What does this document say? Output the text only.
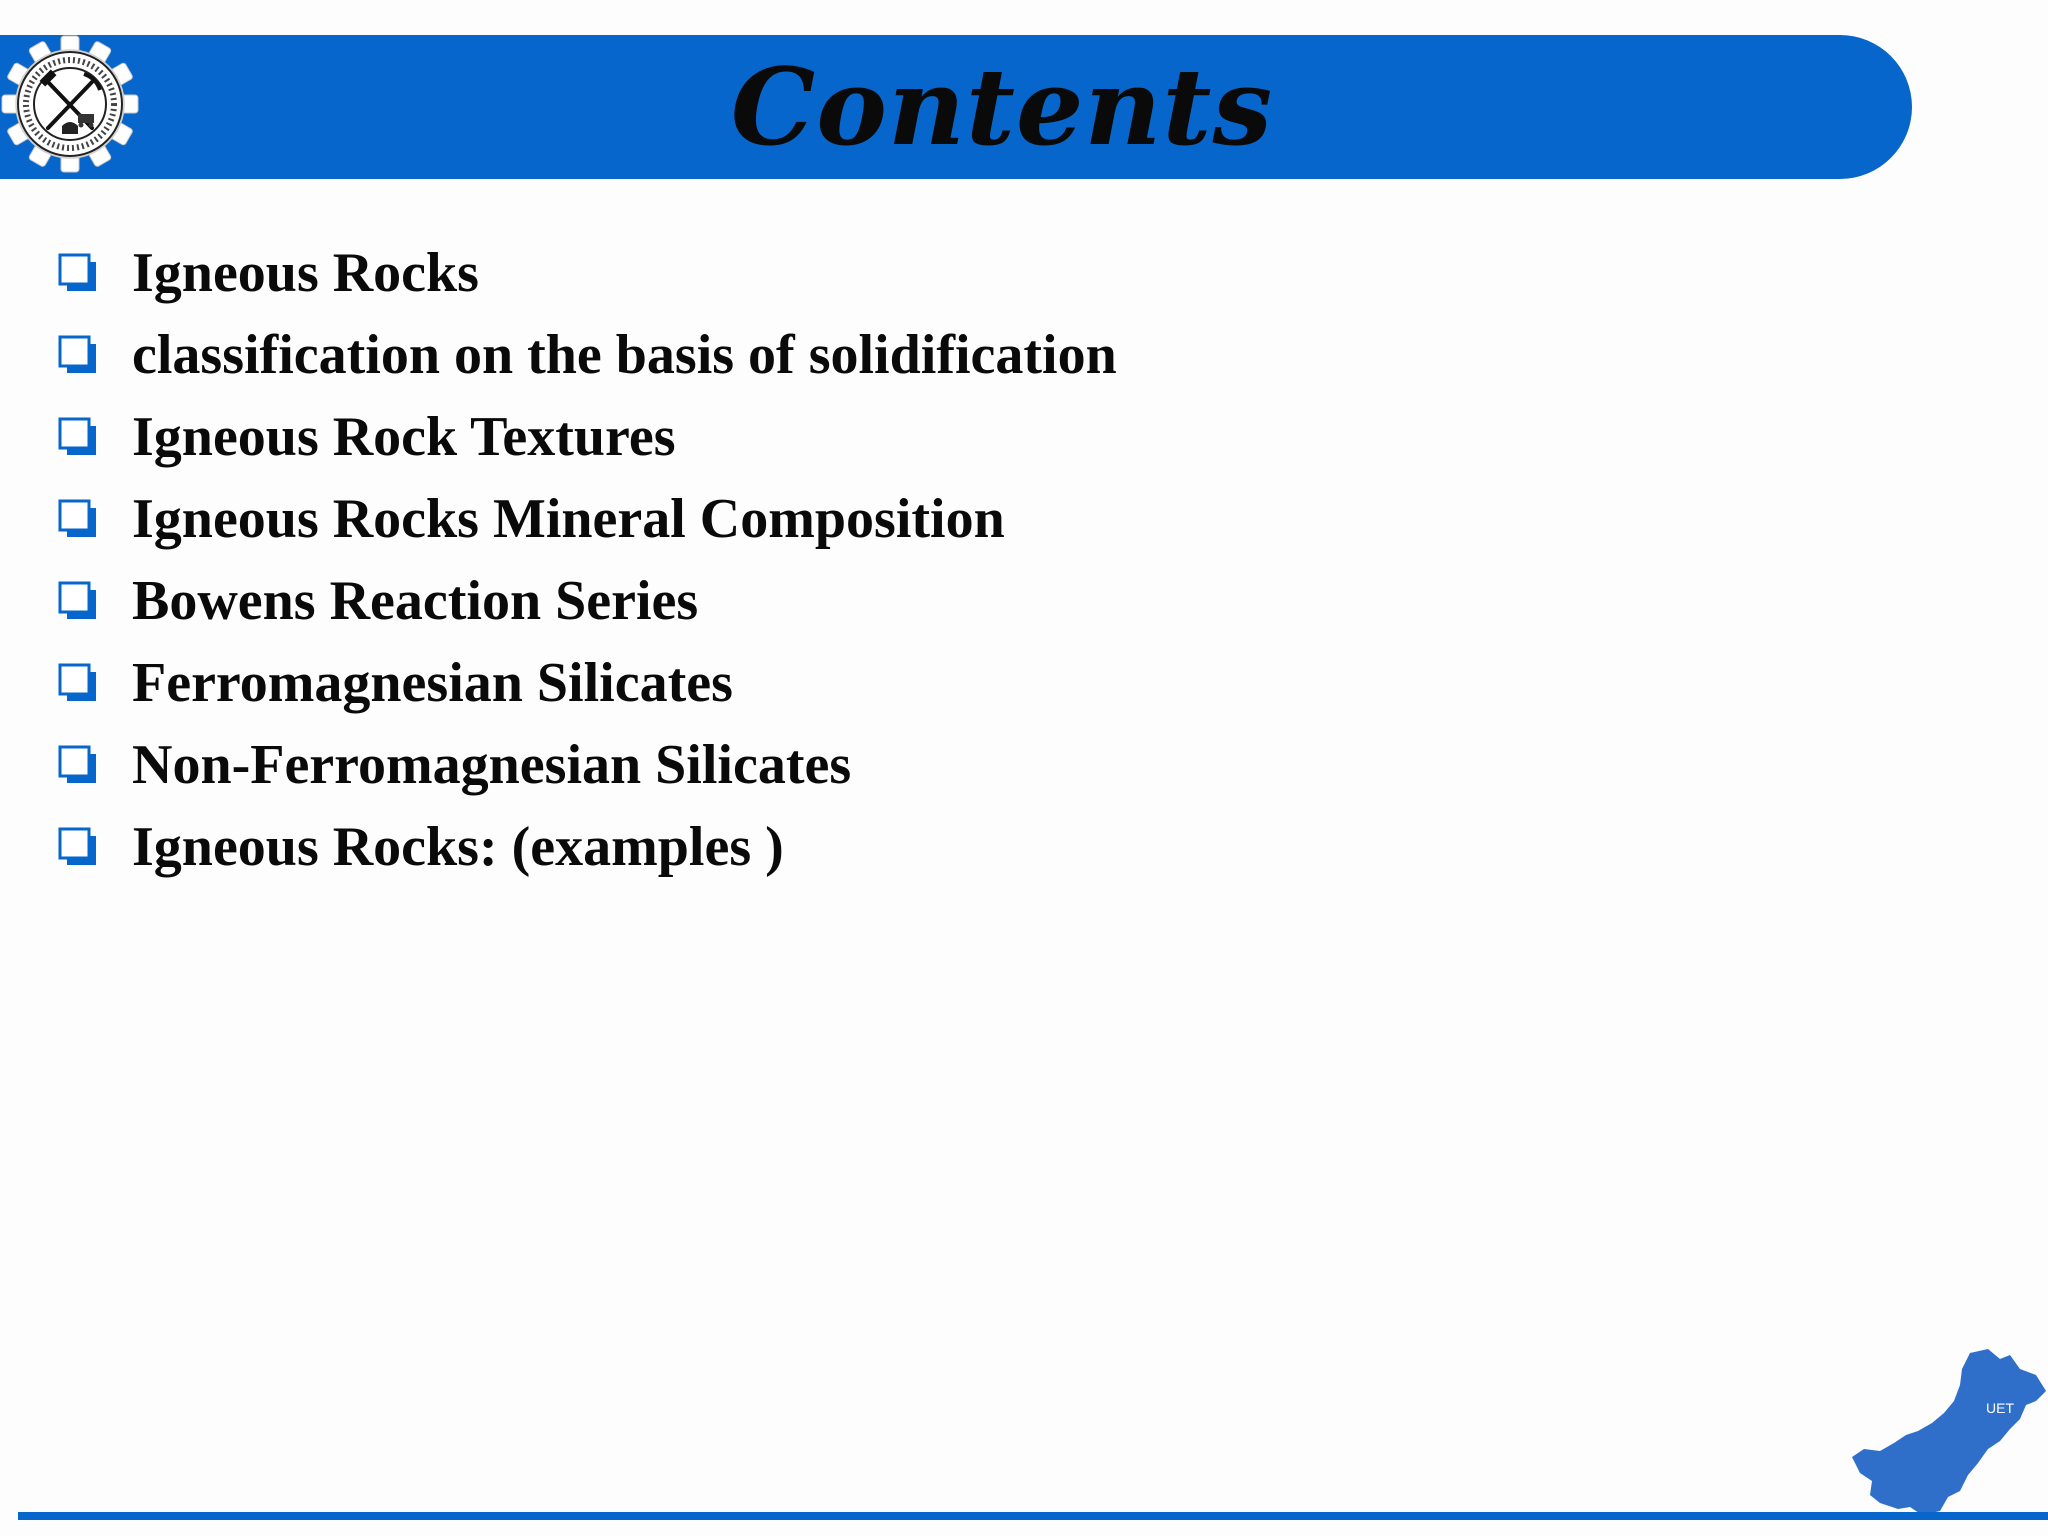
Contents
Igneous Rocks
classification on the basis of solidification
Igneous Rock Textures
Igneous Rocks Mineral Composition
Bowens Reaction Series
Ferromagnesian Silicates
Non-Ferromagnesian Silicates
Igneous Rocks: (examples )
UET
